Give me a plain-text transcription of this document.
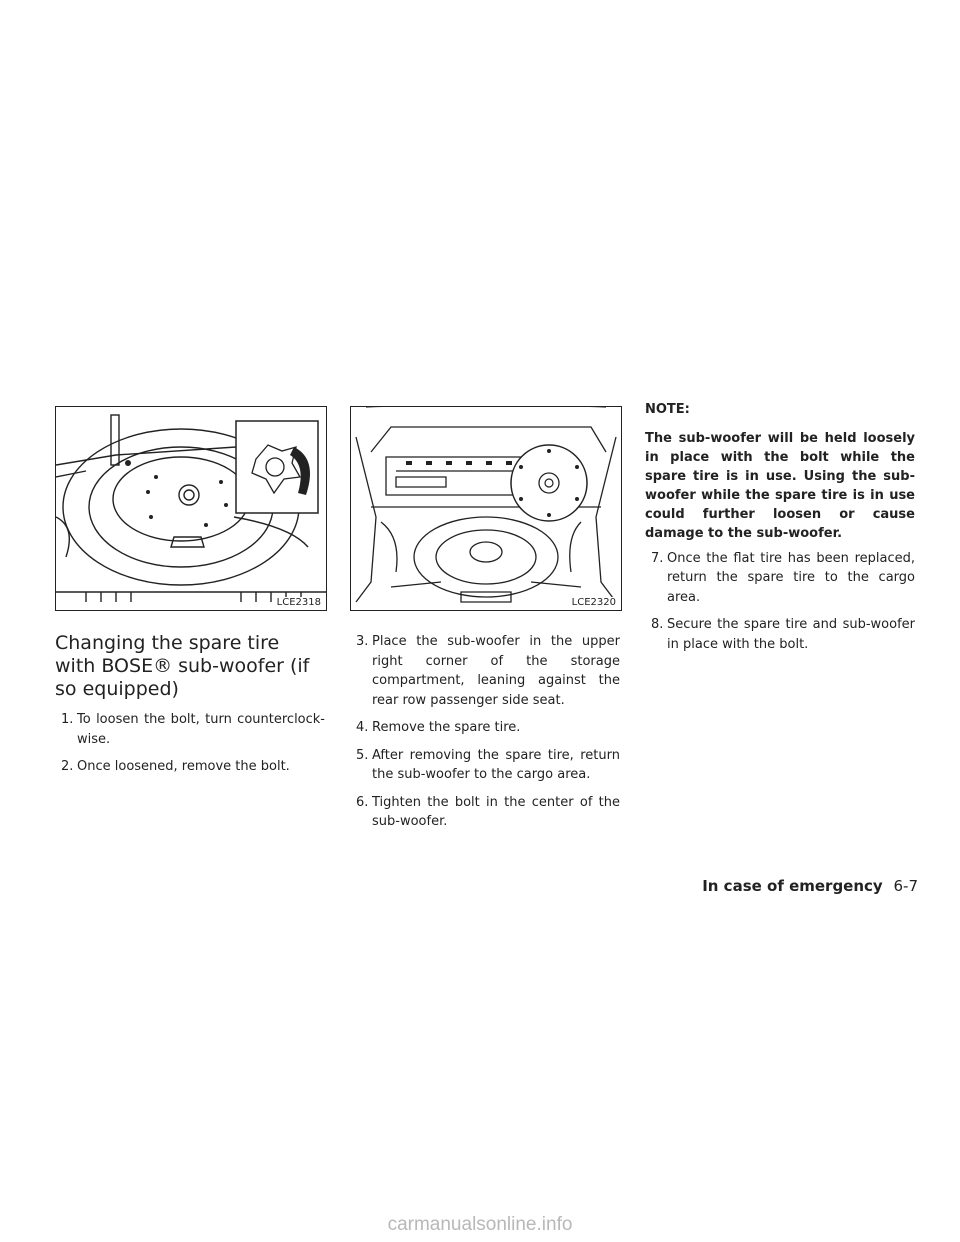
LCE2318	LCE2320
Changing the spare tire with BOSE® sub-woofer (if so equipped)
1. To loosen the bolt, turn counterclock-wise.
2. Once loosened, remove the bolt.
3. Place the sub-woofer in the upper right corner of the storage compartment, leaning against the rear row passenger side seat.
4. Remove the spare tire.
5. After removing the spare tire, return the sub-woofer to the cargo area.
6. Tighten the bolt in the center of the sub-woofer.

NOTE:

The sub-woofer will be held loosely in place with the bolt while the spare tire is in use. Using the sub-woofer while the spare tire is in use could further loosen or cause damage to the sub-woofer.

7. Once the flat tire has been replaced, return the spare tire to the cargo area.
8. Secure the spare tire and sub-woofer in place with the bolt.
In case of emergency 6-7
carmanualsonline.info
